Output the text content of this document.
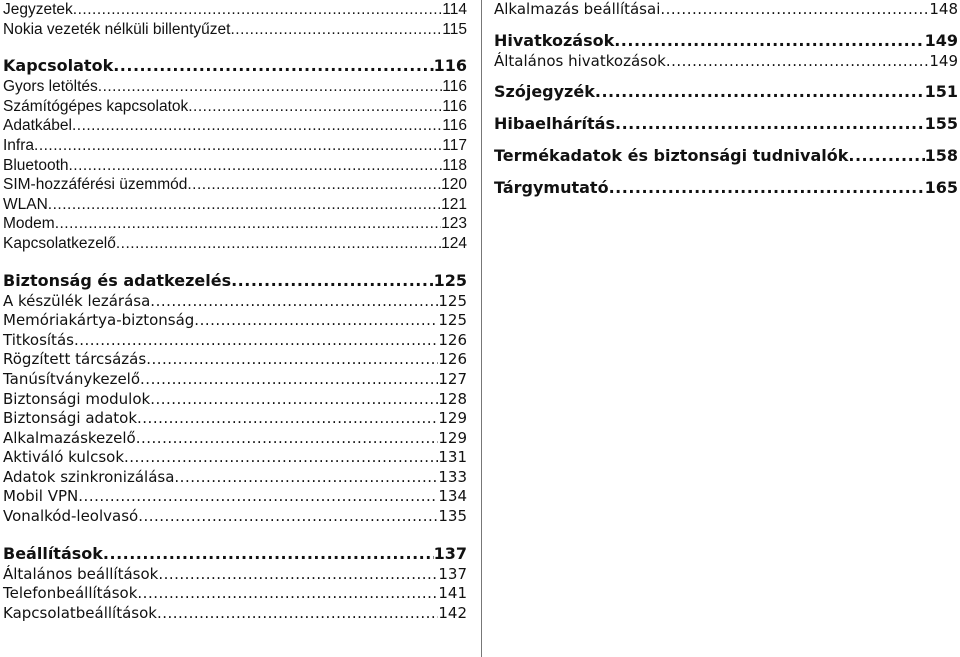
Jegyzetek .....	114
Nokia vezeték nélküli billentyűzet .....	115
Kapcsolatok .....	116
Gyors letöltés .....	116
Számítógépes kapcsolatok .....	116
Adatkábel .....	116
Infra .....	117
Bluetooth .....	118
SIM-hozzáférési üzemmód .....	120
WLAN .....	121
Modem .....	123
Kapcsolatkezelő .....	124
Biztonság és adatkezelés .....	125
A készülék lezárása .....	125
Memóriakártya-biztonság .....	125
Titkosítás .....	126
Rögzített tárcsázás .....	126
Tanúsítványkezelő .....	127
Biztonsági modulok .....	128
Biztonsági adatok .....	129
Alkalmazáskezelő .....	129
Aktiváló kulcsok .....	131
Adatok szinkronizálása .....	133
Mobil VPN .....	134
Vonalkód-leolvasó .....	135
Beállítások .....	137
Általános beállítások .....	137
Telefonbeállítások .....	141
Kapcsolatbeállítások .....	142
Alkalmazás beállításai .....	148
Hivatkozások .....	149
Általános hivatkozások .....	149
Szójegyzék .....	151
Hibaelhárítás .....	155
Termékadatok és biztonsági tudnivalók .....	158
Tárgymutató .....	165
